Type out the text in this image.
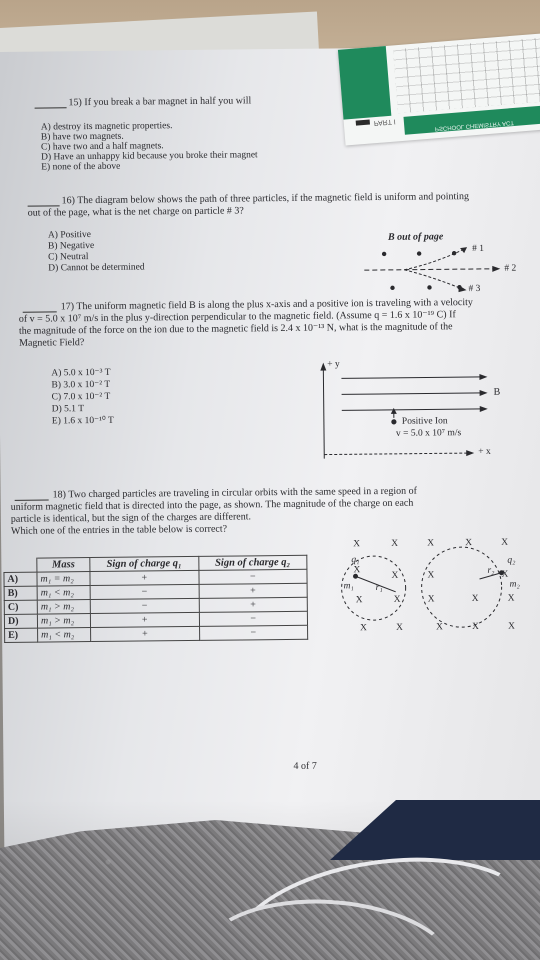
PART I	PSCHOOL CHEMISTRY ACT
15) If you break a bar magnet in half you will
A) destroy its magnetic properties.
B) have two magnets.
C) have two and a half magnets.
D) Have an unhappy kid because you broke their magnet
E) none of the above
16) The diagram below shows the path of three particles, if the magnetic field is uniform and pointing
out of the page, what is the net charge on particle # 3?
A) Positive
B) Negative
C) Neutral
D) Cannot be determined
B out of page
# 1
# 2
# 3
17) The uniform magnetic field B is along the plus x-axis and a positive ion is traveling with a velocity
of v = 5.0 x 10⁷ m/s in the plus y-direction perpendicular to the magnetic field. (Assume q = 1.6 x 10⁻¹⁹ C) If
the magnitude of the force on the ion due to the magnetic field is 2.4 x 10⁻¹³ N, what is the magnitude of the
Magnetic Field?
A) 5.0 x 10⁻³ T
B) 3.0 x 10⁻² T
C) 7.0 x 10⁻² T
D) 5.1 T
E) 1.6 x 10⁻¹⁰ T
+ y
B
Positive Ion
v = 5.0 x 10⁷ m/s
+ x
18) Two charged particles are traveling in circular orbits with the same speed in a region of
uniform magnetic field that is directed into the page, as shown. The magnitude of the charge on each
particle is identical, but the sign of the charges are different.
Which one of the entries in the table below is correct?
	Mass	Sign of charge q₁	Sign of charge q₂
A)	m₁ = m₂	+	−
B)	m₁ < m₂	−	+
C)	m₁ > m₂	−	+
D)	m₁ > m₂	+	−
E)	m₁ < m₂	+	−
X	X	X	X	X
X
X	X	X
X	X	X	X	X
X	X	X	X	X
q₁	q₂
m₁	m₂
r₁
r₂
4 of 7
